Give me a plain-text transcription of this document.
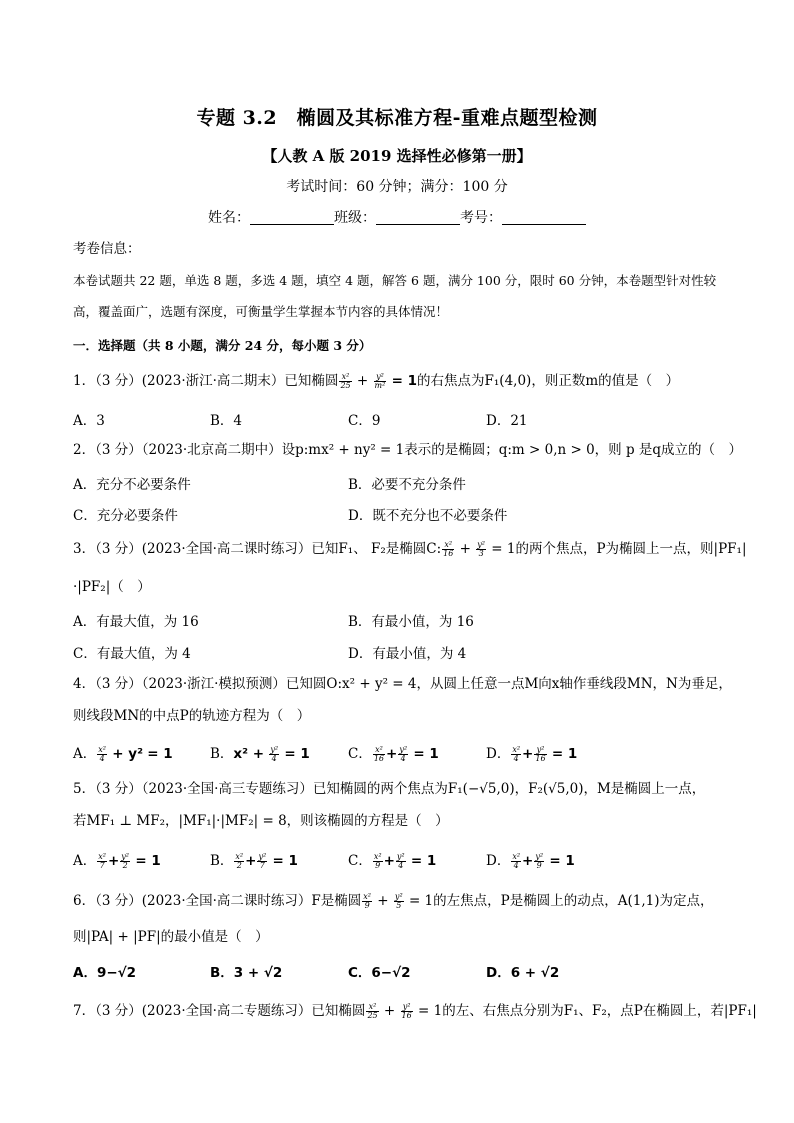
专题 3.2　椭圆及其标准方程-重难点题型检测
【人教 A 版 2019 选择性必修第一册】
考试时间：60 分钟；满分：100 分
姓名：	班级：	考号：
考卷信息：
本卷试题共 22 题，单选 8 题，多选 4 题，填空 4 题，解答 6 题，满分 100 分，限时 60 分钟，本卷题型针对性较
高，覆盖面广，选题有深度，可衡量学生掌握本节内容的具体情况！
一．选择题（共 8 小题，满分 24 分，每小题 3 分）
1．（3 分）(2023·浙江·高二期末）已知椭圆 $\frac{\text{x²}}{25} + \frac{\text{y²}}{\text{m²}} = 1$的右焦点为F₁(4,0)，则正数m的值是（　）
A．3	B．4	C．9	D．21
2．（3 分）（2023·北京高二期中）设p:mx² + ny² = 1表示的是椭圆；q:m > 0,n > 0，则 p 是q成立的（　）
A．充分不必要条件	B．必要不充分条件
C．充分必要条件	D．既不充分也不必要条件
3．（3 分）(2023·全国·高二课时练习）已知F₁、 F₂是椭圆C: $\frac{\text{x²}}{16} + \frac{\text{y²}}{3} = 1$的两个焦点，P为椭圆上一点，则|PF₁|
·|PF₂|（　）
A．有最大值，为 16	B．有最小值，为 16
C．有最大值，为 4	D．有最小值，为 4
4．（3 分）（2023·浙江·模拟预测）已知圆O:x² + y² = 4，从圆上任意一点M向x轴作垂线段MN，N为垂足，
则线段MN的中点P的轨迹方程为（　）
A． $\frac{\text{x²}}{4} + y^2 = 1$	B．$x^2 + \frac{\text{y²}}{4} = 1$	C． $\frac{\text{x²}}{16} + \frac{\text{y²}}{4} = 1$	D． $\frac{\text{x²}}{4} + \frac{\text{y²}}{16} = 1$
5．（3 分）（2023·全国·高三专题练习）已知椭圆的两个焦点为F₁(−√5,0)，F₂(√5,0)，M是椭圆上一点，
若MF₁ ⊥ MF₂，|MF₁|·|MF₂| = 8，则该椭圆的方程是（　）
A． $\frac{\text{x²}}{7} + \frac{\text{y²}}{2} = 1$	B． $\frac{\text{x²}}{2} + \frac{\text{y²}}{7} = 1$	C． $\frac{\text{x²}}{9} + \frac{\text{y²}}{4} = 1$	D． $\frac{\text{x²}}{4} + \frac{\text{y²}}{9} = 1$
6．（3 分）(2023·全国·高二课时练习）F是椭圆 $\frac{\text{x²}}{9} + \frac{\text{y²}}{5} = 1$的左焦点，P是椭圆上的动点，A(1,1)为定点，
则|PA| + |PF|的最小值是（　）
A．9−√2	B．3 + √2	C．6−√2	D．6 + √2
7．（3 分）(2023·全国·高二专题练习）已知椭圆 $\frac{\text{x²}}{25} + \frac{\text{y²}}{16} = 1$的左、右焦点分别为F₁、F₂，点P在椭圆上，若|PF₁|
